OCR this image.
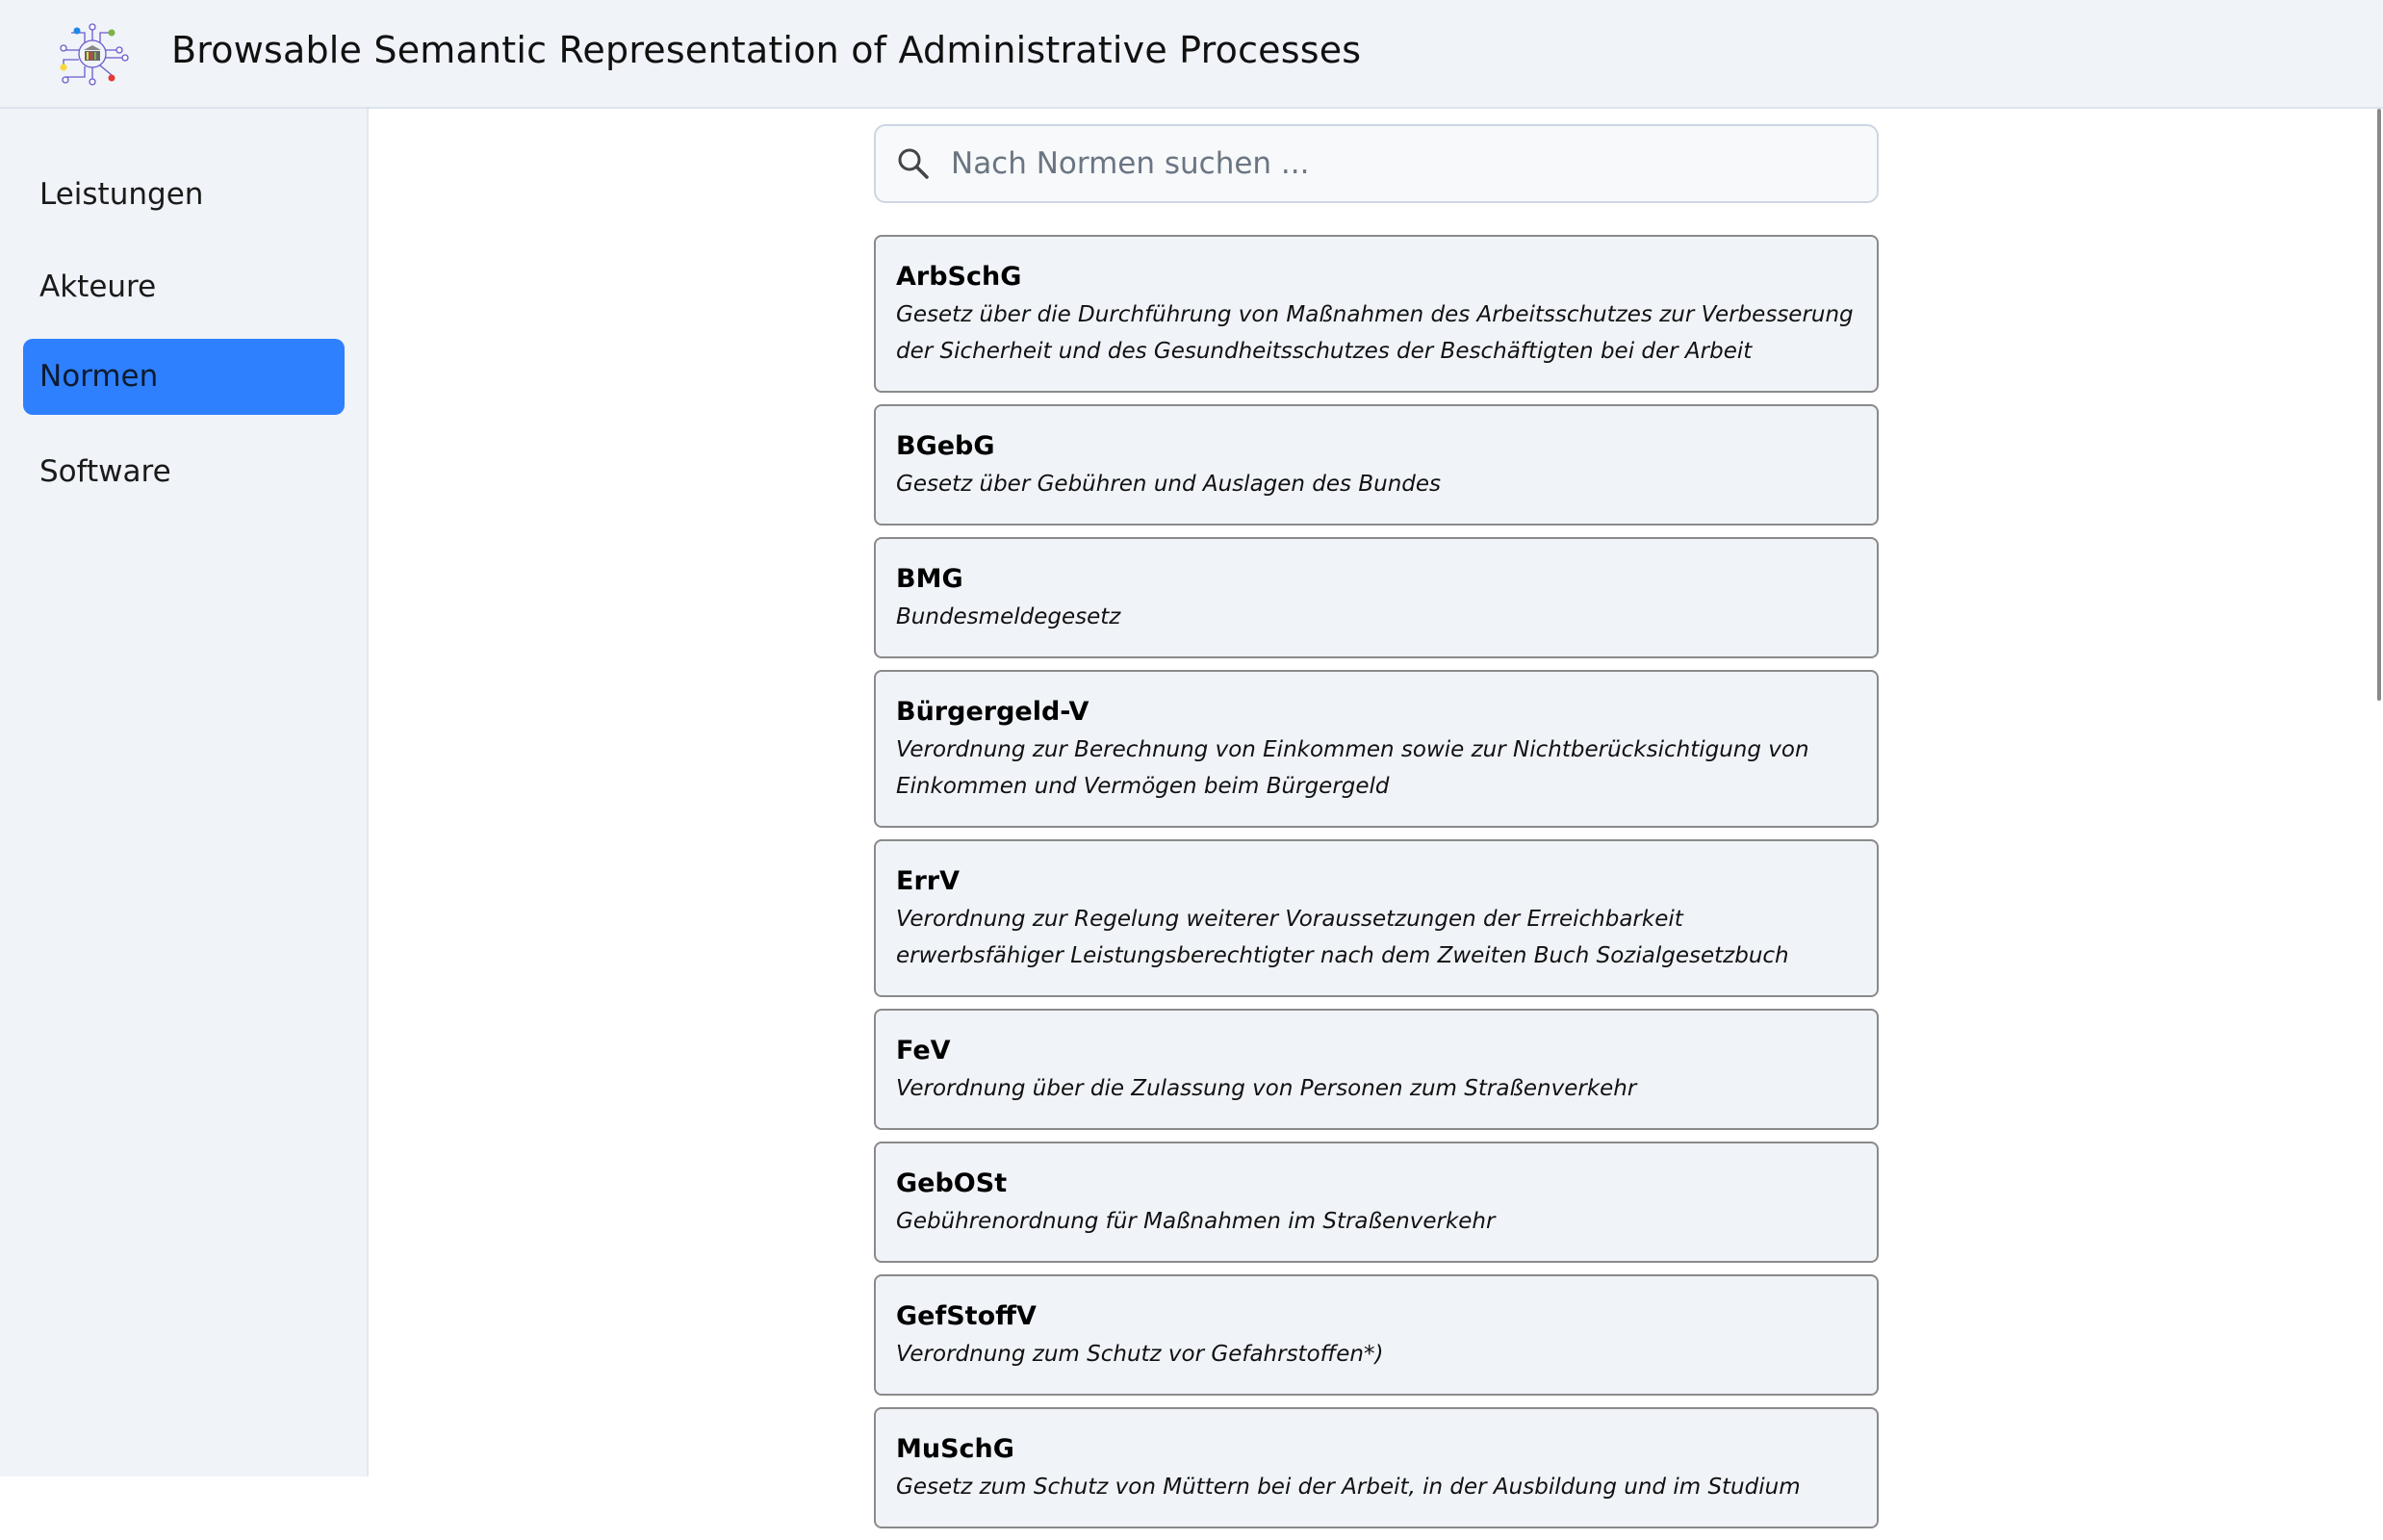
Browsable Semantic Representation of Administrative Processes
Leistungen
Akteure
Normen
Software
Nach Normen suchen ...
ArbSchG
Gesetz über die Durchführung von Maßnahmen des Arbeitsschutzes zur Verbesserung der Sicherheit und des Gesundheitsschutzes der Beschäftigten bei der Arbeit
BGebG
Gesetz über Gebühren und Auslagen des Bundes
BMG
Bundesmeldegesetz
Bürgergeld-V
Verordnung zur Berechnung von Einkommen sowie zur Nichtberücksichtigung von Einkommen und Vermögen beim Bürgergeld
ErrV
Verordnung zur Regelung weiterer Voraussetzungen der Erreichbarkeit erwerbsfähiger Leistungsberechtigter nach dem Zweiten Buch Sozialgesetzbuch
FeV
Verordnung über die Zulassung von Personen zum Straßenverkehr
GebOSt
Gebührenordnung für Maßnahmen im Straßenverkehr
GefStoffV
Verordnung zum Schutz vor Gefahrstoffen*)
MuSchG
Gesetz zum Schutz von Müttern bei der Arbeit, in der Ausbildung und im Studium
